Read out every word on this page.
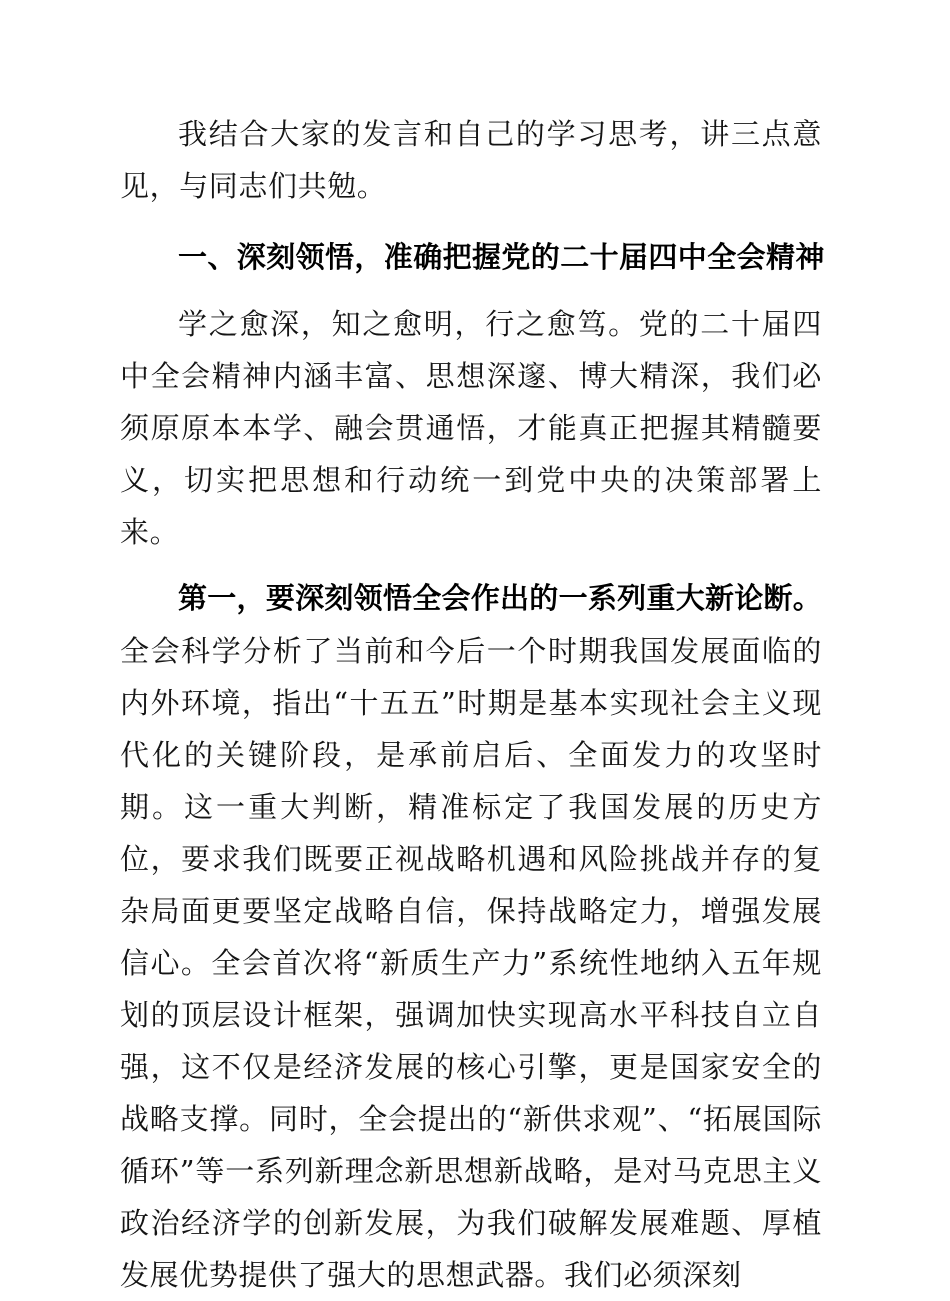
我结合大家的发言和自己的学习思考，讲三点意见，与同志们共勉。

一、深刻领悟，准确把握党的二十届四中全会精神

学之愈深，知之愈明，行之愈笃。党的二十届四中全会精神内涵丰富、思想深邃、博大精深，我们必须原原本本学、融会贯通悟，才能真正把握其精髓要义，切实把思想和行动统一到党中央的决策部署上来。

第一，要深刻领悟全会作出的一系列重大新论断。全会科学分析了当前和今后一个时期我国发展面临的内外环境，指出“十五五”时期是基本实现社会主义现代化的关键阶段，是承前启后、全面发力的攻坚时期。这一重大判断，精准标定了我国发展的历史方位，要求我们既要正视战略机遇和风险挑战并存的复杂局面更要坚定战略自信，保持战略定力，增强发展信心。全会首次将“新质生产力”系统性地纳入五年规划的顶层设计框架，强调加快实现高水平科技自立自强，这不仅是经济发展的核心引擎，更是国家安全的战略支撑。同时，全会提出的“新供求观”、“拓展国际循环”等一系列新理念新思想新战略，是对马克思主义政治经济学的创新发展，为我们破解发展难题、厚植发展优势提供了强大的思想武器。我们必须深刻
